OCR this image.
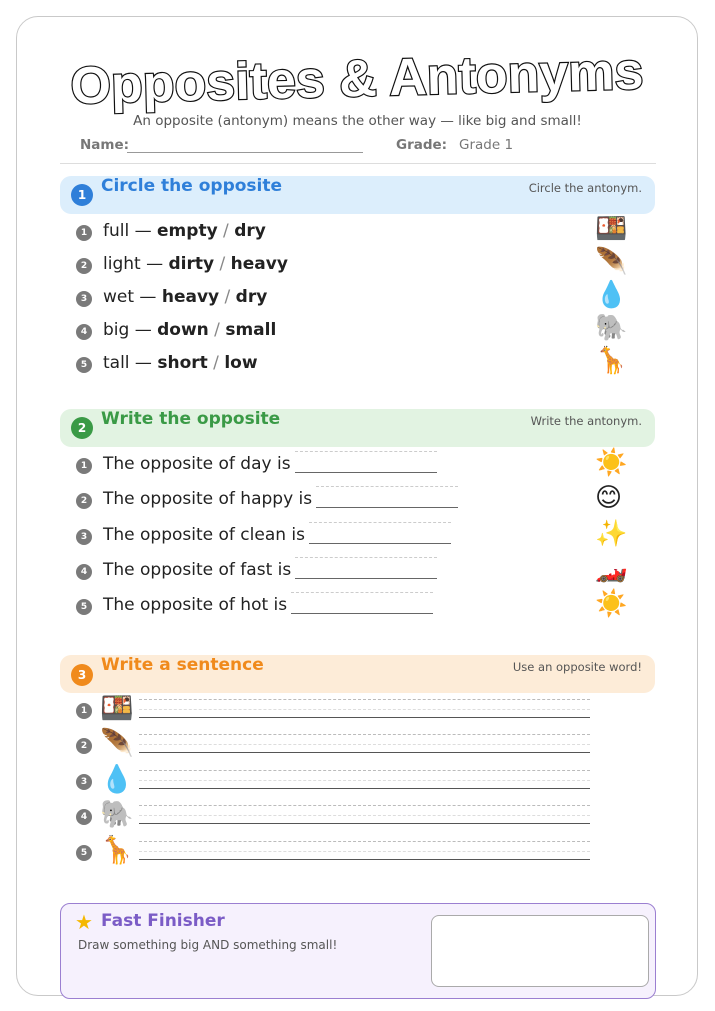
Opposites & Antonyms
An opposite (antonym) means the other way — like big and small!
Name:	Grade: Grade 1
1 Circle the opposite	Circle the antonym.
1 full — empty / dry	🍱
2 light — dirty / heavy	🪶
3 wet — heavy / dry	💧
4 big — down / small	🐘
5 tall — short / low	🦒
2 Write the opposite	Write the antonym.
1 The opposite of day is	☀️
2 The opposite of happy is	😊
3 The opposite of clean is	✨
4 The opposite of fast is	🏎️
5 The opposite of hot is	☀️
3 Write a sentence	Use an opposite word!
1 🍱
2 🪶
3 💧
4 🐘
5 🦒
★ Fast Finisher
Draw something big AND something small!
